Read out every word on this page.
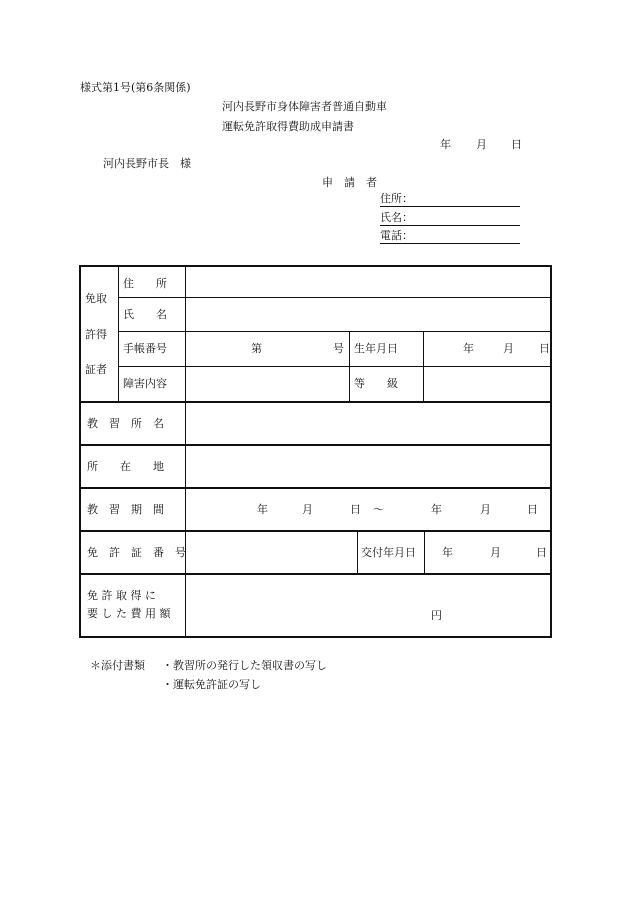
様式第1号(第6条関係)
河内長野市身体障害者普通自動車
運転免許取得費助成申請書
年 月 日
河内長野市長　様
申　請　者
住所：
氏名：
電話：
免取
許得
証者
住　　所
氏　　名
手帳番号	第	号 生年月日	年	月 日
障害内容	等　　級
教　習　所　名
所　　在　　地
教　習　期　間	年	月	日 ～	年	月	日
免　許　証　番　号	交付年月日 年	月	日
免 許 取 得 に
要 し た 費 用 額	円
＊添付書類 ・教習所の発行した領収書の写し
・運転免許証の写し
